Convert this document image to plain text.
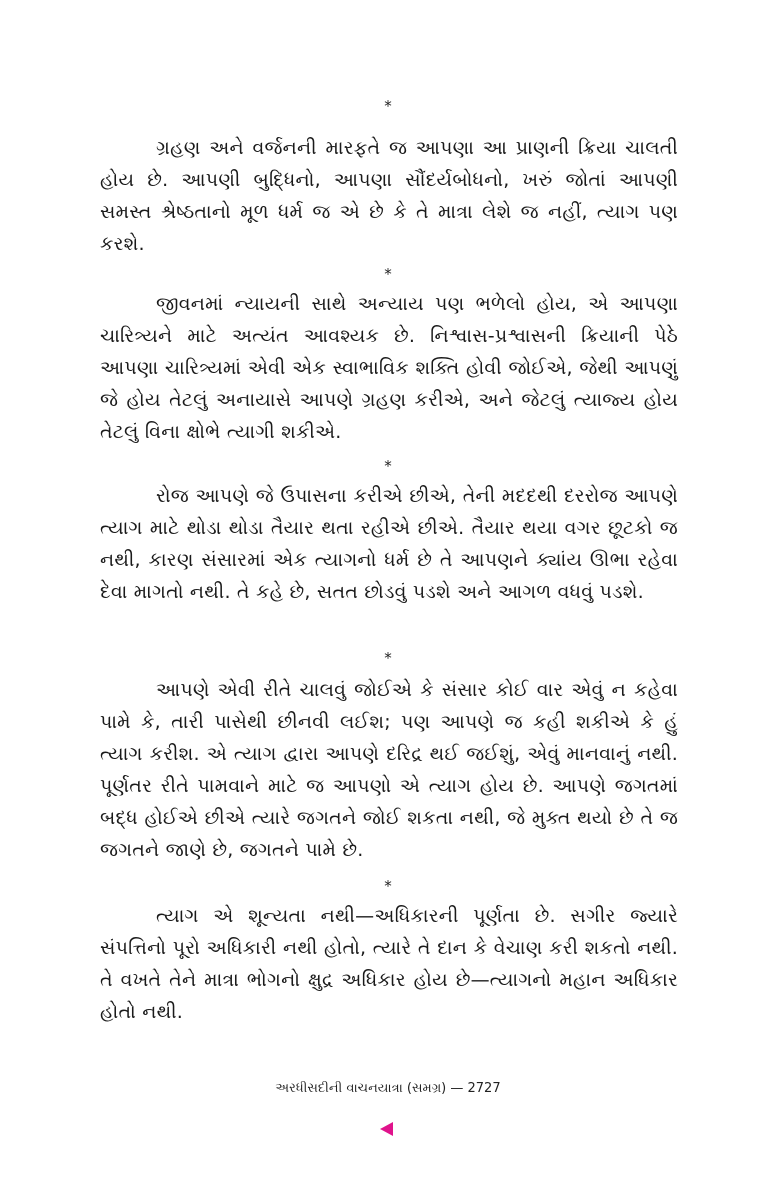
*
ગ્રહણ અને વર્જનની મારફતે જ આપણા આ પ્રાણની ક્રિયા ચાલતી હોય છે. આપણી બુદ્ધિનો, આપણા સૌંદર્યબોધનો, ખરું જોતાં આપણી સમસ્ત શ્રેષ્ઠતાનો મૂળ ધર્મ જ એ છે કે તે માત્રા લેશે જ નહીં, ત્યાગ પણ કરશે.
*
જીવનમાં ન્યાયની સાથે અન્યાય પણ ભળેલો હોય, એ આપણા ચારિત્ર્યને માટે અત્યંત આવશ્યક છે. નિશ્વાસ-પ્રશ્વાસની ક્રિયાની પેઠે આપણા ચારિત્ર્યમાં એવી એક સ્વાભાવિક શક્તિ હોવી જોઈએ, જેથી આપણું જે હોય તેટલું અનાયાસે આપણે ગ્રહણ કરીએ, અને જેટલું ત્યાજ્ય હોય તેટલું વિના ક્ષોભે ત્યાગી શકીએ.
*
રોજ આપણે જે ઉપાસના કરીએ છીએ, તેની મદદથી દરરોજ આપણે ત્યાગ માટે થોડા થોડા તૈયાર થતા રહીએ છીએ. તૈયાર થયા વગર છૂટકો જ નથી, કારણ સંસારમાં એક ત્યાગનો ધર્મ છે તે આપણને ક્યાંય ઊભા રહેવા દેવા માગતો નથી. તે કહે છે, સતત છોડવું પડશે અને આગળ વધવું પડશે.
*
આપણે એવી રીતે ચાલવું જોઈએ કે સંસાર કોઈ વાર એવું ન કહેવા પામે કે, તારી પાસેથી છીનવી લઈશ; પણ આપણે જ કહી શકીએ કે હું ત્યાગ કરીશ. એ ત્યાગ દ્વારા આપણે દરિદ્ર થઈ જઈશું, એવું માનવાનું નથી. પૂર્ણતર રીતે પામવાને માટે જ આપણો એ ત્યાગ હોય છે. આપણે જગતમાં બદ્ધ હોઈએ છીએ ત્યારે જગતને જોઈ શકતા નથી, જે મુક્ત થયો છે તે જ જગતને જાણે છે, જગતને પામે છે.
*
ત્યાગ એ શૂન્યતા નથી—અધિકારની પૂર્ણતા છે. સગીર જ્યારે સંપત્તિનો પૂરો અધિકારી નથી હોતો, ત્યારે તે દાન કે વેચાણ કરી શકતો નથી. તે વખતે તેને માત્રા ભોગનો ક્ષુદ્ર અધિકાર હોય છે—ત્યાગનો મહાન અધિકાર હોતો નથી.
અરધીસદીની વાચનયાત્રા (સમગ્ર) — 2727
